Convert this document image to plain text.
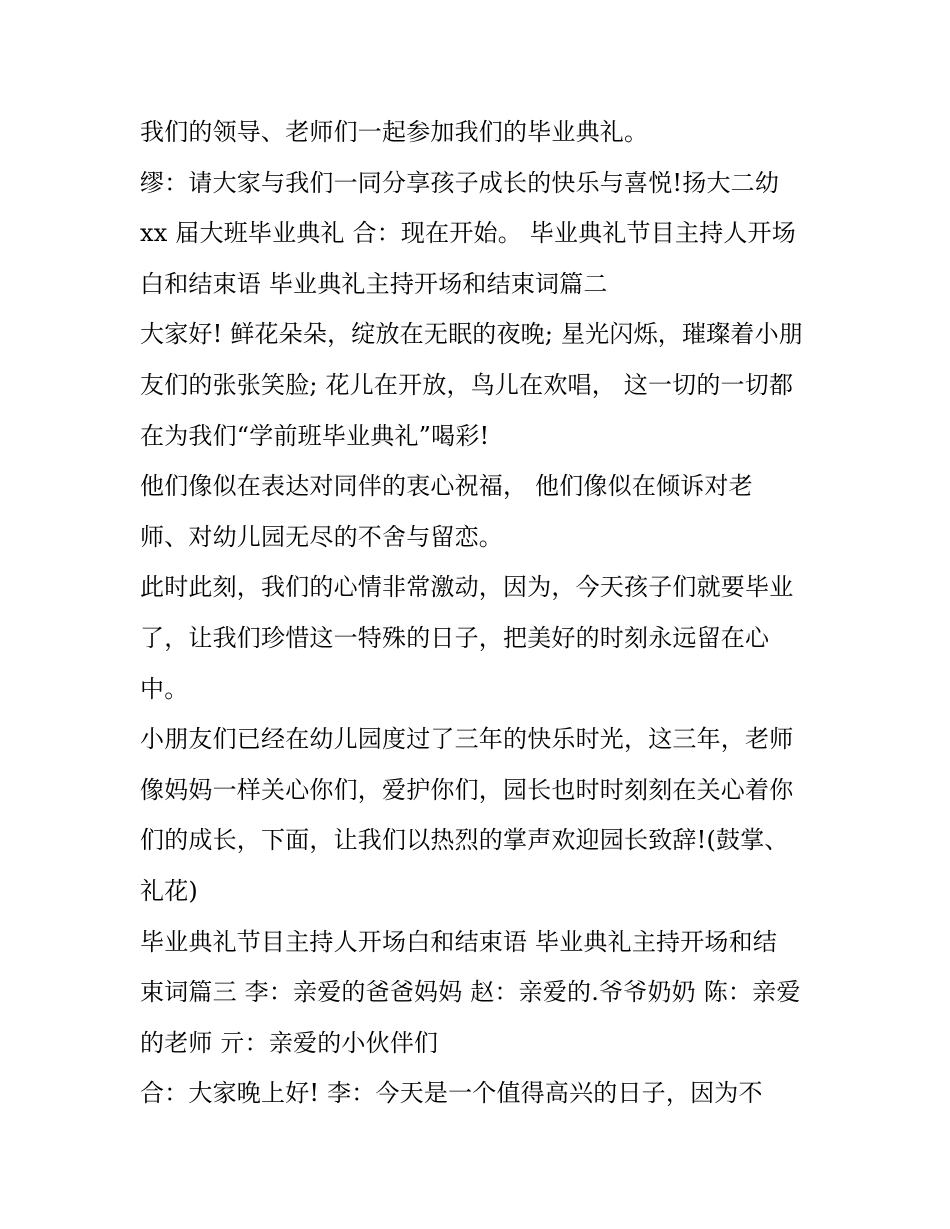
我们的领导、老师们一起参加我们的毕业典礼。
缪：请大家与我们一同分享孩子成长的快乐与喜悦!扬大二幼
xx 届大班毕业典礼 合：现在开始。 毕业典礼节目主持人开场
白和结束语 毕业典礼主持开场和结束词篇二
大家好! 鲜花朵朵，绽放在无眠的夜晚; 星光闪烁，璀璨着小朋
友们的张张笑脸; 花儿在开放，鸟儿在欢唱， 这一切的一切都
在为我们“学前班毕业典礼”喝彩!
他们像似在表达对同伴的衷心祝福， 他们像似在倾诉对老
师、对幼儿园无尽的不舍与留恋。
此时此刻，我们的心情非常激动，因为，今天孩子们就要毕业
了，让我们珍惜这一特殊的日子，把美好的时刻永远留在心
中。
小朋友们已经在幼儿园度过了三年的快乐时光，这三年，老师
像妈妈一样关心你们，爱护你们，园长也时时刻刻在关心着你
们的成长，下面，让我们以热烈的掌声欢迎园长致辞!(鼓掌、
礼花)
毕业典礼节目主持人开场白和结束语 毕业典礼主持开场和结
束词篇三 李：亲爱的爸爸妈妈 赵：亲爱的.爷爷奶奶 陈：亲爱
的老师 亓：亲爱的小伙伴们
合：大家晚上好! 李：今天是一个值得高兴的日子，因为不
